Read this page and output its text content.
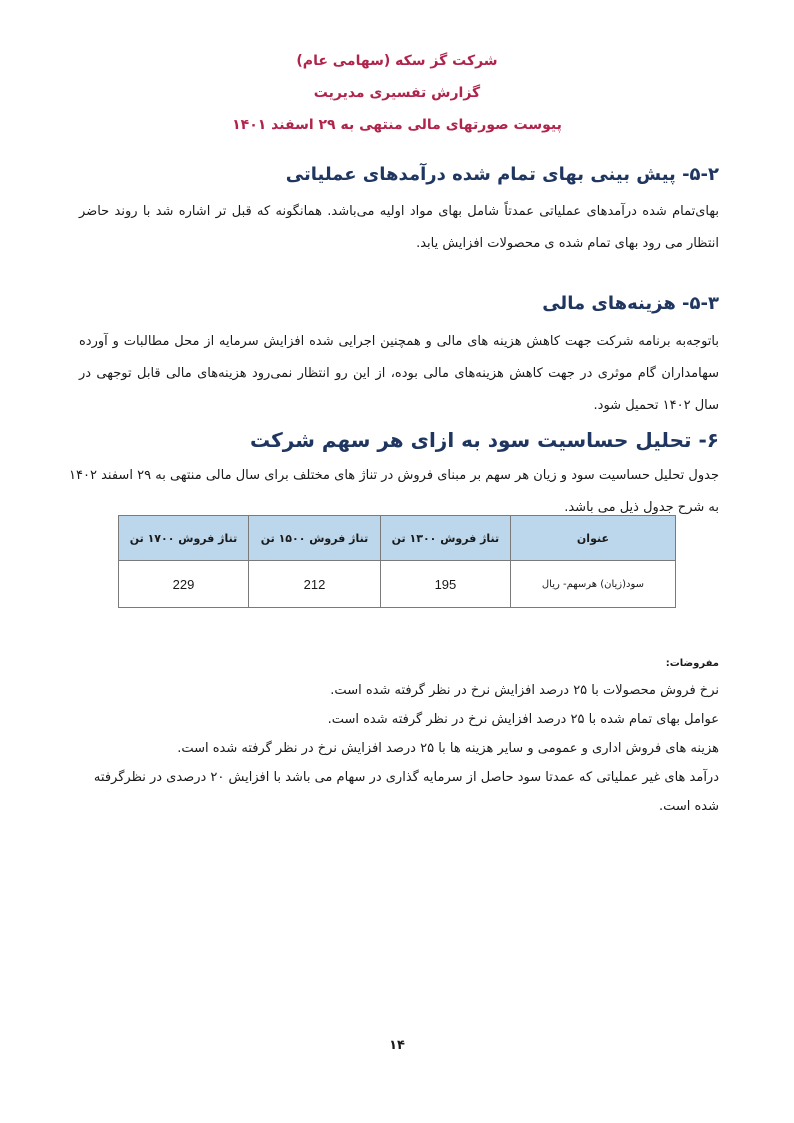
شرکت گز سکه (سهامی عام)
گزارش تفسیری مدیریت
پیوست صورتهای مالی منتهی به ۲۹ اسفند ۱۴۰۱
۵-۲- پیش بینی بهای تمام شده درآمدهای عملیاتی

بهای‌تمام شده درآمدهای عملیاتی عمدتاً شامل بهای مواد اولیه می‌باشد. همانگونه که قبل تر اشاره شد با روند حاضر انتظار می رود بهای تمام شده ی محصولات افزایش یابد.

۵-۳- هزینه‌های مالی

باتوجه‌به برنامه شرکت جهت کاهش هزینه های مالی و همچنین اجرایی شده افزایش سرمایه از محل مطالبات و آورده سهامداران گام موثری در جهت کاهش هزینه‌های مالی بوده، از این رو انتظار نمی‌رود هزینه‌های مالی قابل توجهی در سال ۱۴۰۲ تحمیل شود.

۶- تحلیل حساسیت سود به ازای هر سهم شرکت

جدول تحلیل حساسیت سود و زیان هر سهم بر مبنای فروش در تناژ های مختلف برای سال مالی منتهی به ۲۹ اسفند ۱۴۰۲ به شرح جدول ذیل می باشد.

عنوان	تناژ فروش ۱۳۰۰ تن	تناژ فروش ۱۵۰۰ تن	تناژ فروش ۱۷۰۰ تن
سود(زیان) هرسهم- ریال	195	212	229
مفروضات:
نرخ فروش محصولات با ۲۵ درصد افزایش نرخ در نظر گرفته شده است.
عوامل بهای تمام شده با ۲۵ درصد افزایش نرخ در نظر گرفته شده است.
هزینه های فروش اداری و عمومی و سایر هزینه ها با ۲۵ درصد افزایش نرخ در نظر گرفته شده است.
درآمد های غیر عملیاتی که عمدتا سود حاصل از سرمایه گذاری در سهام می باشد با افزایش ۲۰ درصدی در نظرگرفته شده است.
۱۴
